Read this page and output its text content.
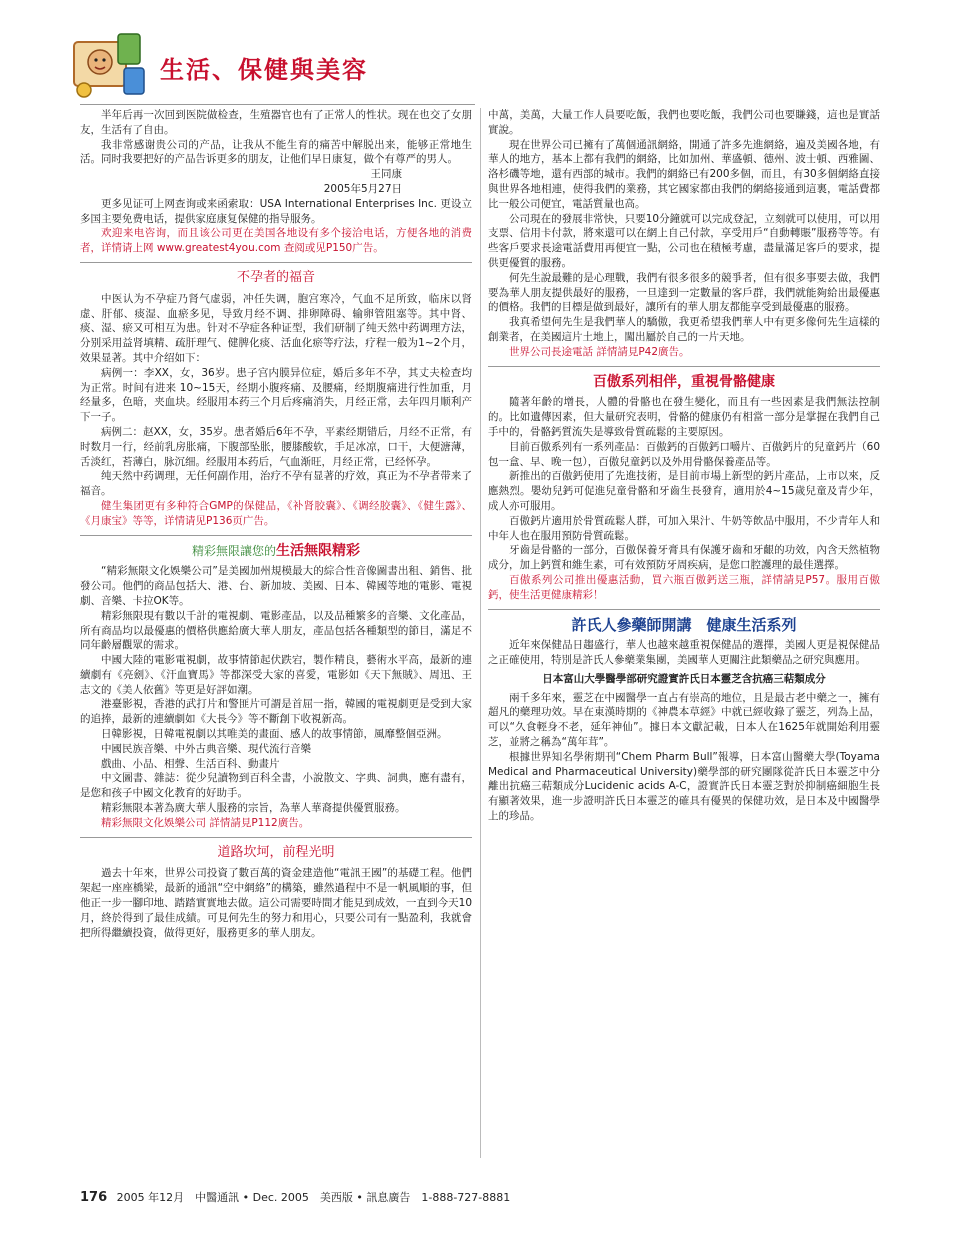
生活、保健與美容

半年后再一次回到医院做检查，生殖器官也有了正常人的性状。现在也交了女朋友，生活有了自由。

我非常感谢贵公司的产品，让我从不能生育的痛苦中解脱出来，能够正常地生活。同时我要把好的产品告诉更多的朋友，让他们早日康复，做个有尊严的男人。

王同康

2005年5月27日

更多见证可上网查询或来函索取：USA International Enterprises Inc. 更设立多国主要免费电话，提供家庭康复保健的指导服务。

欢迎来电咨询，而且该公司更在美国各地设有多个接洽电话，方便各地的消费者，详情请上网 www.greatest4you.com 查阅或见P150广告。

不孕者的福音

中医认为不孕症乃肾气虚弱，冲任失调，胞宫寒冷，气血不足所致，临床以肾虚、肝郁、痰湿、血瘀多见，导致月经不调、排卵障碍、输卵管阻塞等。其中肾、痰、湿、瘀又可相互为患。针对不孕症各种证型，我们研制了纯天然中药调理方法，分别采用益肾填精、疏肝理气、健脾化痰、活血化瘀等疗法，疗程一般为1~2个月，效果显著。其中介绍如下：

病例一：李XX，女，36岁。患子宫内膜异位症，婚后多年不孕，其丈夫检查均为正常。时间有进来 10~15天，经期小腹疼痛、及腰痛，经期腹痛进行性加重，月经量多，色暗，夹血块。经服用本药三个月后疼痛消失，月经正常，去年四月顺利产下一子。

病例二：赵XX，女，35岁。患者婚后6年不孕，平素经期错后，月经不正常，有时数月一行，经前乳房胀痛，下腹部坠胀，腰膝酸软，手足冰凉，口干，大便溏薄，舌淡红，苔薄白，脉沉细。经服用本药后，气血渐旺，月经正常，已经怀孕。

纯天然中药调理，无任何副作用，治疗不孕有显著的疗效，真正为不孕者带来了福音。

健生集团更有多种符合GMP的保健品，《补肾胶囊》、《调经胶囊》、《健生露》、《月康宝》等等，详情请见P136页广告。

精彩無限讓您的生活無限精彩

“精彩無限文化娛樂公司”是美國加州規模最大的綜合性音像圖書出租、銷售、批發公司。他們的商品包括大、港、台、新加坡、美國、日本、韓國等地的電影、電視劇、音樂、卡拉OK等。

精彩無限現有數以千計的電視劇、電影產品，以及品種繁多的音樂、文化產品，所有商品均以最優惠的價格供應給廣大華人朋友，產品包括各種類型的節目，滿足不同年齡層觀眾的需求。

中國大陸的電影電視劇，故事情節起伏跌宕，製作精良，藝術水平高，最新的連續劇有《亮劍》、《汗血寶馬》等都深受大家的喜愛，電影如《天下無賊》、周迅、王志文的《美人依舊》等更是好評如潮。

港臺影視，香港的武打片和警匪片可謂是首屈一指，韓國的電視劇更是受到大家的追捧，最新的連續劇如《大長今》等不斷創下收視新高。

日韓影視，日韓電視劇以其唯美的畫面、感人的故事情節，風靡整個亞洲。

中國民族音樂、中外古典音樂、現代流行音樂

戲曲、小品、相聲、生活百科、動畫片

中文圖書、雜誌：從少兒讀物到百科全書，小說散文、字典、詞典，應有盡有，是您和孩子中國文化教育的好助手。

精彩無限本著為廣大華人服務的宗旨，為華人華裔提供優質服務。

精彩無限文化娛樂公司 詳情請見P112廣告。

道路坎坷，前程光明

過去十年來，世界公司投資了數百萬的資金建造他“電訊王國”的基礎工程。他們架起一座座橋梁，最新的通訊“空中網絡”的構築，雖然過程中不是一帆風順的事，但他正一步一腳印地、踏踏實實地去做。這公司需要時間才能見到成效，一直到今天10月，終於得到了最佳成績。可見何先生的努力和用心，只要公司有一點盈利，我就會把所得繼續投資，做得更好，服務更多的華人朋友。

中萬，美萬，大量工作人員要吃飯，我們也要吃飯，我們公司也要賺錢，這也是實話實說。

現在世界公司已擁有了萬個通訊網絡，開通了許多先進網絡，遍及美國各地，有華人的地方，基本上都有我們的網絡，比如加州、華盛頓、德州、波士頓、西雅圖、洛杉磯等地，還有西部的城市。我們的網絡已有200多個，而且，有30多個網絡直接與世界各地相連，使得我們的業務，其它國家都由我們的網絡接通到這裏，電話費都比一般公司便宜，電話質量也高。

公司現在的發展非常快，只要10分鐘就可以完成登記，立刻就可以使用，可以用支票、信用卡付款，將來還可以在網上自己付款，享受用戶“自動轉賬”服務等等。有些客戶要求長途電話費用再便宜一點，公司也在積極考慮，盡量滿足客戶的要求，提供更優質的服務。

何先生說最難的是心理戰，我們有很多很多的競爭者，但有很多事要去做，我們要為華人朋友提供最好的服務，一旦達到一定數量的客戶群，我們就能夠給出最優惠的價格。我們的目標是做到最好，讓所有的華人朋友都能享受到最優惠的服務。

我真希望何先生是我們華人的驕傲，我更希望我們華人中有更多像何先生這樣的創業者，在美國這片土地上，闖出屬於自己的一片天地。

世界公司長途電話 詳情請見P42廣告。

百傲系列相伴，重視骨骼健康

隨著年齡的增長，人體的骨骼也在發生變化，而且有一些因素是我們無法控制的。比如遺傳因素，但大量研究表明，骨骼的健康仍有相當一部分是掌握在我們自己手中的，骨骼鈣質流失是導致骨質疏鬆的主要原因。

目前百傲系列有一系列產品：百傲鈣的百傲鈣口嚼片、百傲鈣片的兒童鈣片（60包一盒、早、晚一包），百傲兒童鈣以及外用骨骼保養產品等。

新推出的百傲鈣使用了先進技術，是目前市場上新型的鈣片產品，上市以來，反應熱烈。嬰幼兒鈣可促進兒童骨骼和牙齒生長發育，適用於4~15歲兒童及青少年，成人亦可服用。

百傲鈣片適用於骨質疏鬆人群，可加入果汁、牛奶等飲品中服用，不少青年人和中年人也在服用預防骨質疏鬆。

牙齒是骨骼的一部分，百傲保養牙膏具有保護牙齒和牙齦的功效，內含天然植物成分，加上鈣質和維生素，可有效預防牙周疾病，是您口腔護理的最佳選擇。

百傲系列公司推出優惠活動，買六瓶百傲鈣送三瓶，詳情請見P57。服用百傲鈣，使生活更健康精彩！

許氏人參藥師開講　健康生活系列

近年來保健品日趨盛行，華人也越來越重視保健品的選擇，美國人更是視保健品之正確使用，特別是許氏人參藥業集團，美國華人更關注此類藥品之研究與應用。

日本富山大學醫學部研究證實許氏日本靈芝含抗癌三萜類成分

兩千多年來，靈芝在中國醫學一直占有崇高的地位，且是最古老中藥之一，擁有超凡的藥理功效。早在東漢時期的《神農本草經》中就已經收錄了靈芝，列為上品，可以“久食輕身不老，延年神仙”。據日本文獻記載，日本人在1625年就開始利用靈芝，並將之稱為“萬年茸”。

根據世界知名學術期刊“Chem Pharm Bull”報導，日本富山醫藥大學(Toyama Medical and Pharmaceutical University)藥學部的研究團隊從許氏日本靈芝中分離出抗癌三萜類成分Lucidenic acids A-C，證實許氏日本靈芝對於抑制癌細胞生長有顯著效果，進一步證明許氏日本靈芝的確具有優異的保健功效，是日本及中國醫學上的珍品。

176 2005 年12月　中醫通訊 • Dec. 2005　美西版 • 訊息廣告　1-888-727-8881
